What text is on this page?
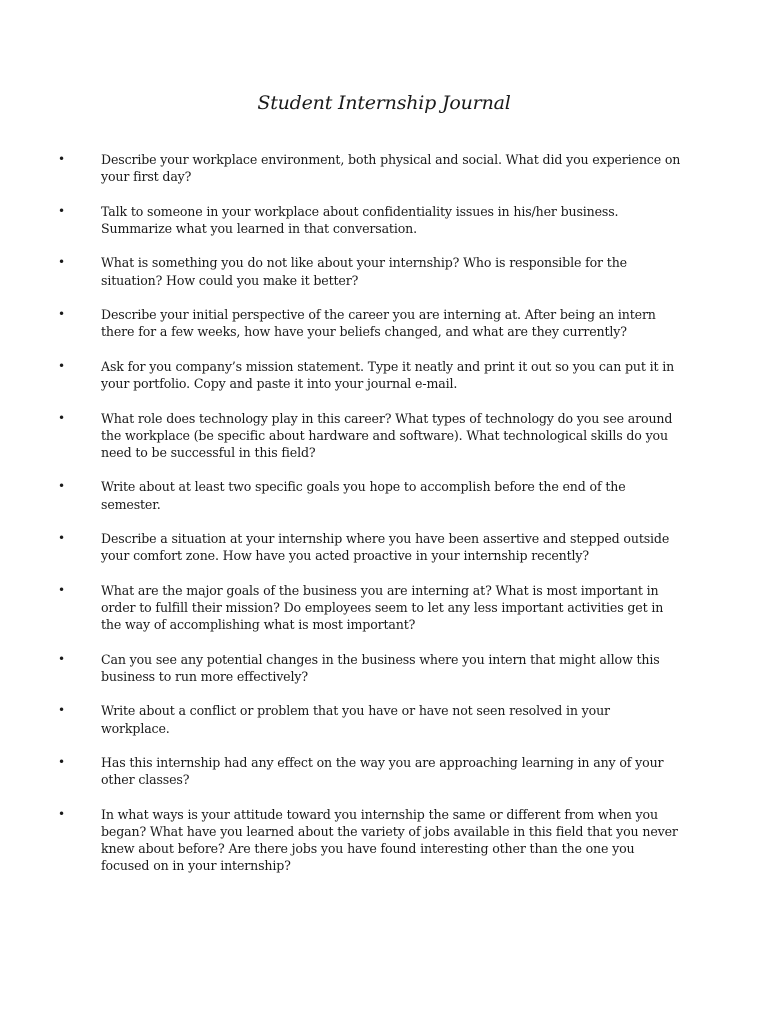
Student Internship Journal
•	Describe your workplace environment, both physical and social. What did you experience on your first day?
•	Talk to someone in your workplace about confidentiality issues in his/her business. Summarize what you learned in that conversation.
•	What is something you do not like about your internship? Who is responsible for the situation? How could you make it better?
•	Describe your initial perspective of the career you are interning at. After being an intern there for a few weeks, how have your beliefs changed, and what are they currently?
•	Ask for you company’s mission statement. Type it neatly and print it out so you can put it in your portfolio. Copy and paste it into your journal e-mail.
•	What role does technology play in this career? What types of technology do you see around the workplace (be specific about hardware and software). What technological skills do you need to be successful in this field?
•	Write about at least two specific goals you hope to accomplish before the end of the semester.
•	Describe a situation at your internship where you have been assertive and stepped outside your comfort zone. How have you acted proactive in your internship recently?
•	What are the major goals of the business you are interning at? What is most important in order to fulfill their mission? Do employees seem to let any less important activities get in the way of accomplishing what is most important?
•	Can you see any potential changes in the business where you intern that might allow this business to run more effectively?
•	Write about a conflict or problem that you have or have not seen resolved in your workplace.
•	Has this internship had any effect on the way you are approaching learning in any of your other classes?
•	In what ways is your attitude toward you internship the same or different from when you began? What have you learned about the variety of jobs available in this field that you never knew about before? Are there jobs you have found interesting other than the one you focused on in your internship?
